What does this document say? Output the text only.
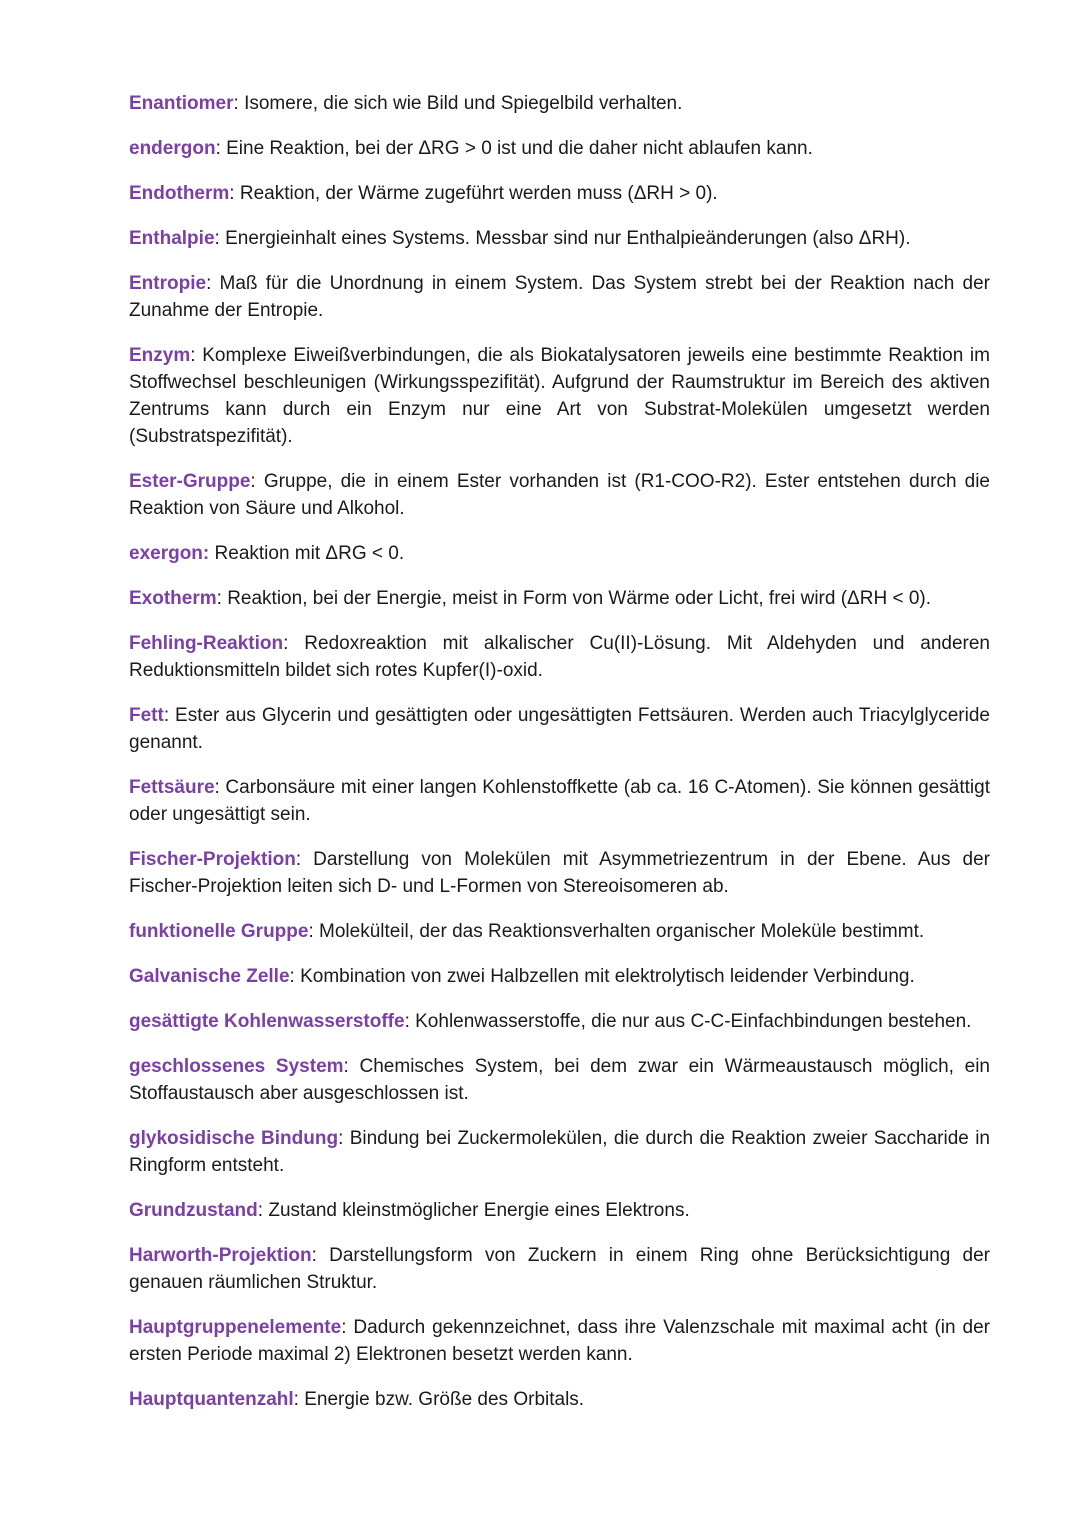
Enantiomer: Isomere, die sich wie Bild und Spiegelbild verhalten.

endergon: Eine Reaktion, bei der ΔRG > 0 ist und die daher nicht ablaufen kann.

Endotherm: Reaktion, der Wärme zugeführt werden muss (ΔRH > 0).

Enthalpie: Energieinhalt eines Systems. Messbar sind nur Enthalpieänderungen (also ΔRH).

Entropie: Maß für die Unordnung in einem System. Das System strebt bei der Reaktion nach der Zunahme der Entropie.

Enzym: Komplexe Eiweißverbindungen, die als Biokatalysatoren jeweils eine bestimmte Reaktion im Stoffwechsel beschleunigen (Wirkungsspezifität). Aufgrund der Raumstruktur im Bereich des aktiven Zentrums kann durch ein Enzym nur eine Art von Substrat-Molekülen umgesetzt werden (Substratspezifität).

Ester-Gruppe: Gruppe, die in einem Ester vorhanden ist (R1-COO-R2). Ester entstehen durch die Reaktion von Säure und Alkohol.

exergon: Reaktion mit ΔRG < 0.

Exotherm: Reaktion, bei der Energie, meist in Form von Wärme oder Licht, frei wird (ΔRH < 0).

Fehling-Reaktion: Redoxreaktion mit alkalischer Cu(II)-Lösung. Mit Aldehyden und anderen Reduktionsmitteln bildet sich rotes Kupfer(I)-oxid.

Fett: Ester aus Glycerin und gesättigten oder ungesättigten Fettsäuren. Werden auch Triacylglyceride genannt.

Fettsäure: Carbonsäure mit einer langen Kohlenstoffkette (ab ca. 16 C-Atomen). Sie können gesättigt oder ungesättigt sein.

Fischer-Projektion: Darstellung von Molekülen mit Asymmetriezentrum in der Ebene. Aus der Fischer-Projektion leiten sich D- und L-Formen von Stereoisomeren ab.

funktionelle Gruppe: Molekülteil, der das Reaktionsverhalten organischer Moleküle bestimmt.

Galvanische Zelle: Kombination von zwei Halbzellen mit elektrolytisch leidender Verbindung.

gesättigte Kohlenwasserstoffe: Kohlenwasserstoffe, die nur aus C-C-Einfachbindungen bestehen.

geschlossenes System: Chemisches System, bei dem zwar ein Wärmeaustausch möglich, ein Stoffaustausch aber ausgeschlossen ist.

glykosidische Bindung: Bindung bei Zuckermolekülen, die durch die Reaktion zweier Saccharide in Ringform entsteht.

Grundzustand: Zustand kleinstmöglicher Energie eines Elektrons.

Harworth-Projektion: Darstellungsform von Zuckern in einem Ring ohne Berücksichtigung der genauen räumlichen Struktur.

Hauptgruppenelemente: Dadurch gekennzeichnet, dass ihre Valenzschale mit maximal acht (in der ersten Periode maximal 2) Elektronen besetzt werden kann.

Hauptquantenzahl: Energie bzw. Größe des Orbitals.
